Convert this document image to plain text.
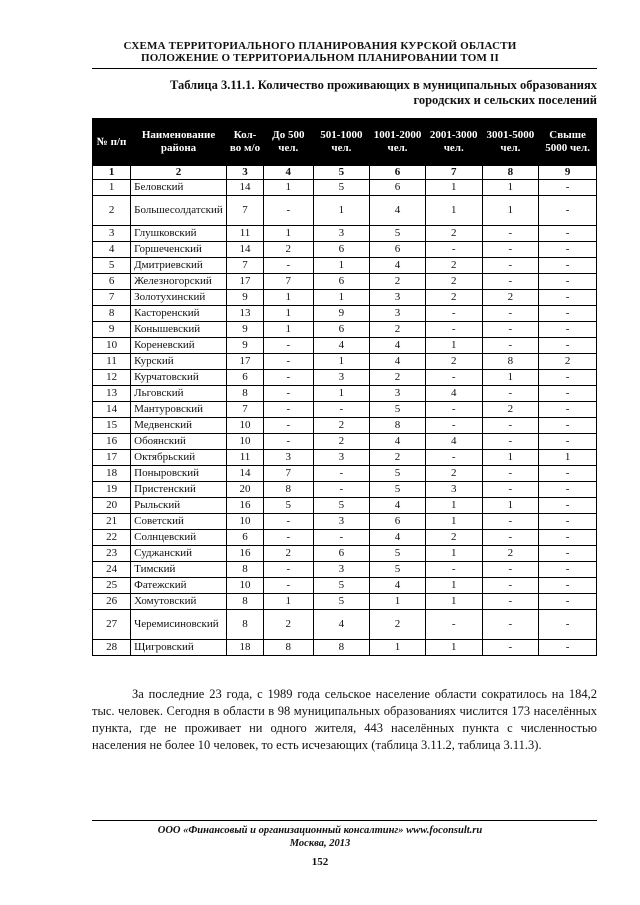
СХЕМА ТЕРРИТОРИАЛЬНОГО ПЛАНИРОВАНИЯ КУРСКОЙ ОБЛАСТИ
ПОЛОЖЕНИЕ О ТЕРРИТОРИАЛЬНОМ ПЛАНИРОВАНИИ ТОМ II
Таблица 3.11.1. Количество проживающих в муниципальных образованиях
городских и сельских поселений
№ п/п	Наименование района	Кол-во м/о	До 500 чел.	501-1000 чел.	1001-2000 чел.	2001-3000 чел.	3001-5000 чел.	Свыше 5000 чел.
1	2	3	4	5	6	7	8	9
1	Беловский	14	1	5	6	1	1	-
2	Большесолдатский	7	-	1	4	1	1	-
3	Глушковский	11	1	3	5	2	-	-
4	Горшеченский	14	2	6	6	-	-	-
5	Дмитриевский	7	-	1	4	2	-	-
6	Железногорский	17	7	6	2	2	-	-
7	Золотухинский	9	1	1	3	2	2	-
8	Касторенский	13	1	9	3	-	-	-
9	Конышевский	9	1	6	2	-	-	-
10	Кореневский	9	-	4	4	1	-	-
11	Курский	17	-	1	4	2	8	2
12	Курчатовский	6	-	3	2	-	1	-
13	Льговский	8	-	1	3	4	-	-
14	Мантуровский	7	-	-	5	-	2	-
15	Медвенский	10	-	2	8	-	-	-
16	Обоянский	10	-	2	4	4	-	-
17	Октябрьский	11	3	3	2	-	1	1
18	Поныровский	14	7	-	5	2	-	-
19	Пристенский	20	8	-	5	3	-	-
20	Рыльский	16	5	5	4	1	1	-
21	Советский	10	-	3	6	1	-	-
22	Солнцевский	6	-	-	4	2	-	-
23	Суджанский	16	2	6	5	1	2	-
24	Тимский	8	-	3	5	-	-	-
25	Фатежский	10	-	5	4	1	-	-
26	Хомутовский	8	1	5	1	1	-	-
27	Черемисиновский	8	2	4	2	-	-	-
28	Щигровский	18	8	8	1	1	-	-
За последние 23 года, с 1989 года сельское население области сократилось на 184,2 тыс. человек. Сегодня в области в 98 муниципальных образованиях числится 173 населённых пункта, где не проживает ни одного жителя, 443 населённых пункта с численностью населения не более 10 человек, то есть исчезающих (таблица 3.11.2, таблица 3.11.3).
ООО «Финансовый и организационный консалтинг» www.foconsult.ru
Москва, 2013
152
